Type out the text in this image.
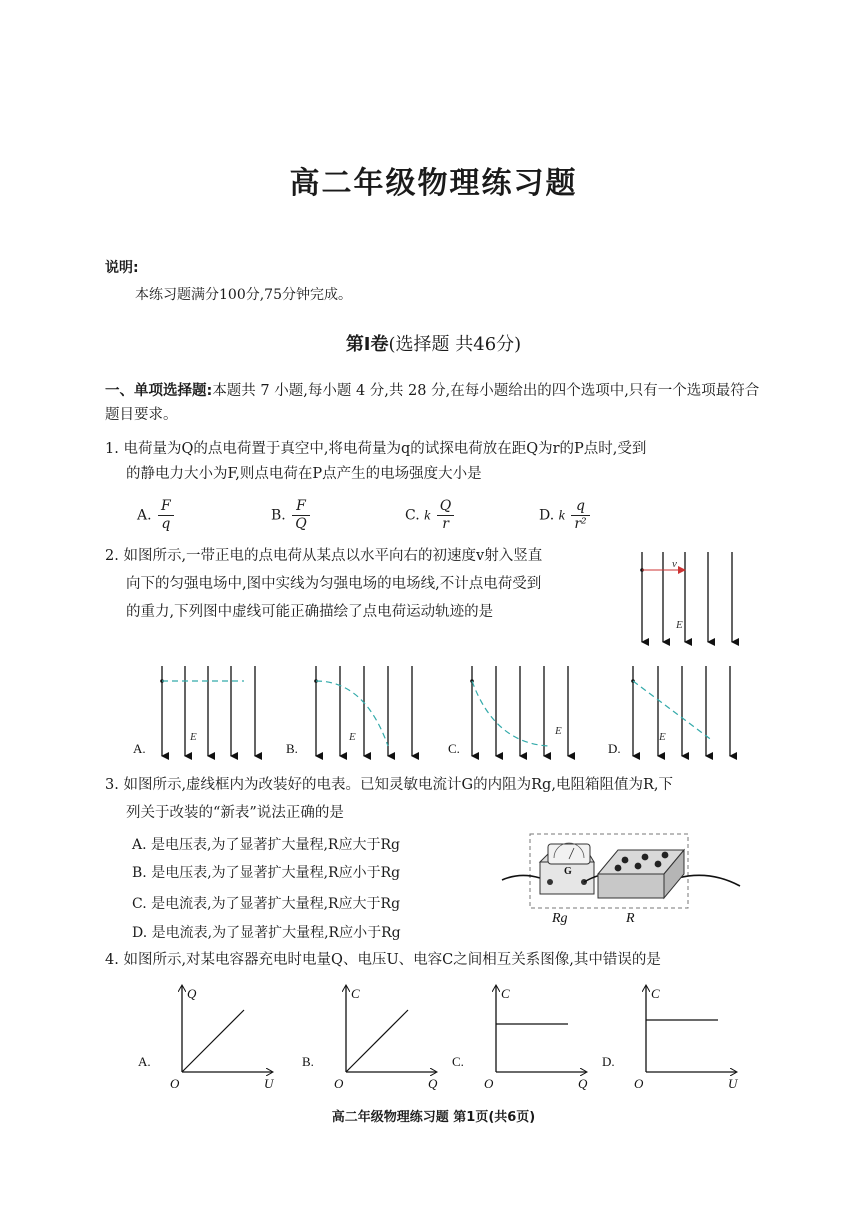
高二年级物理练习题
说明:
本练习题满分100分,75分钟完成。
第I卷(选择题 共46分)
一、单项选择题:本题共 7 小题,每小题 4 分,共 28 分,在每小题给出的四个选项中,只有一个选项最符合题目要求。
1. 电荷量为Q的点电荷置于真空中,将电荷量为q的试探电荷放在距Q为r的P点时,受到
的静电力大小为F,则点电荷在P点产生的电场强度大小是
A. $\frac{F}{q}$	B. $\frac{F}{Q}$	C. k $\frac{Q}{r}$	D. k $\frac{q}{\text{r²}}$
2. 如图所示,一带正电的点电荷从某点以水平向右的初速度v射入竖直
向下的匀强电场中,图中实线为匀强电场的电场线,不计点电荷受到
的重力,下列图中虚线可能正确描绘了点电荷运动轨迹的是
v
E
E
A.
E
B.
E
C.
E
D.
3. 如图所示,虚线框内为改装好的电表。已知灵敏电流计G的内阻为Rg,电阻箱阻值为R,下
列关于改装的“新表”说法正确的是
A. 是电压表,为了显著扩大量程,R应大于Rg
B. 是电压表,为了显著扩大量程,R应小于Rg
C. 是电流表,为了显著扩大量程,R应大于Rg
D. 是电流表,为了显著扩大量程,R应小于Rg
G
Rg	R
4. 如图所示,对某电容器充电时电量Q、电压U、电容C之间相互关系图像,其中错误的是
Q
U
O
A.
C
Q
O
B.
C
Q
O
C.
C
U
O
D.
高二年级物理练习题 第1页(共6页)
